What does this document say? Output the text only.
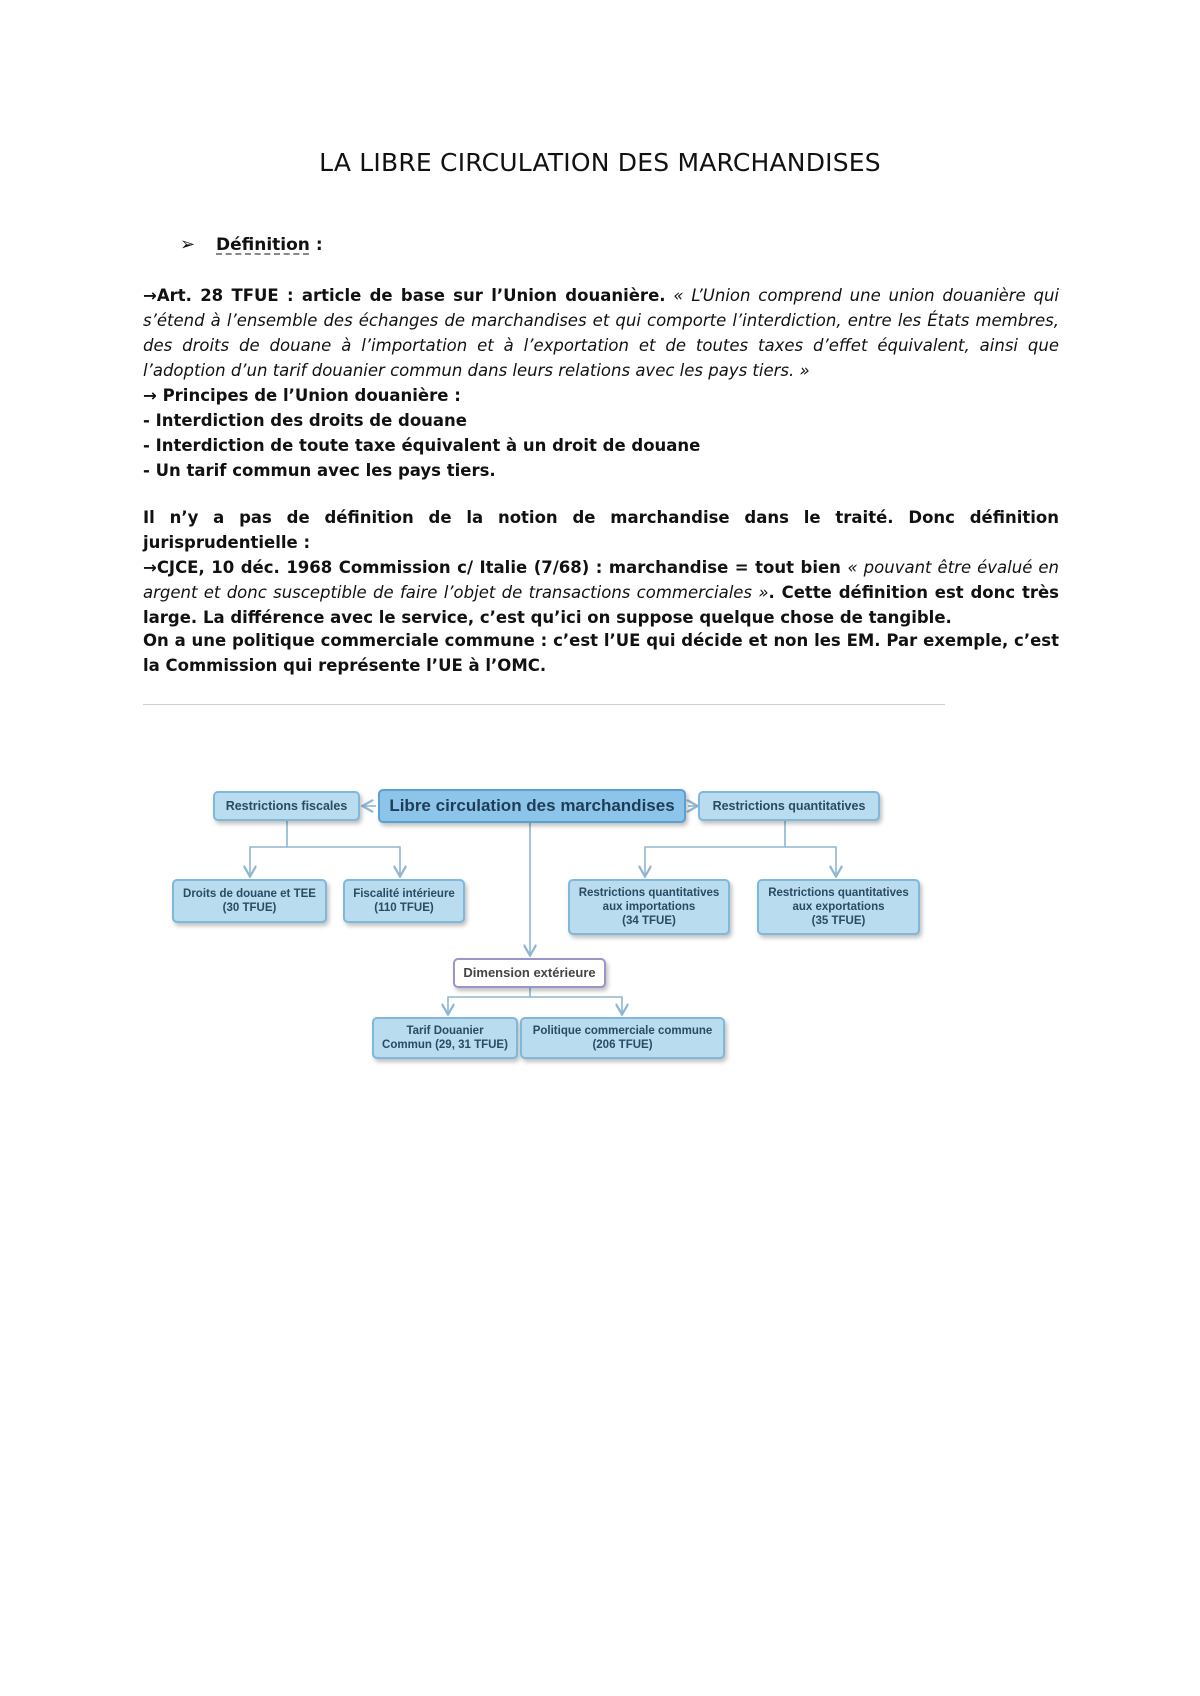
LA LIBRE CIRCULATION DES MARCHANDISES
➢ Définition :

→Art. 28 TFUE : article de base sur l’Union douanière. « L’Union comprend une union douanière qui s’étend à l’ensemble des échanges de marchandises et qui comporte l’interdiction, entre les États membres, des droits de douane à l’importation et à l’exportation et de toutes taxes d’effet équivalent, ainsi que l’adoption d’un tarif douanier commun dans leurs relations avec les pays tiers. »

→ Principes de l’Union douanière :

- Interdiction des droits de douane

- Interdiction de toute taxe équivalent à un droit de douane

- Un tarif commun avec les pays tiers.

Il n’y a pas de définition de la notion de marchandise dans le traité. Donc définition jurisprudentielle :

→CJCE, 10 déc. 1968 Commission c/ Italie (7/68) : marchandise = tout bien « pouvant être évalué en argent et donc susceptible de faire l’objet de transactions commerciales ». Cette définition est donc très large. La différence avec le service, c’est qu’ici on suppose quelque chose de tangible.

On a une politique commerciale commune : c’est l’UE qui décide et non les EM. Par exemple, c’est la Commission qui représente l’UE à l’OMC.

Restrictions fiscales	Libre circulation des marchandises	Restrictions quantitatives
Droits de douane et TEE
(30 TFUE)
Fiscalité intérieure
(110 TFUE)
Restrictions quantitatives
aux importations
(34 TFUE)
Restrictions quantitatives
aux exportations
(35 TFUE)
Dimension extérieure
Tarif Douanier
Commun (29, 31 TFUE)
Politique commerciale commune
(206 TFUE)
